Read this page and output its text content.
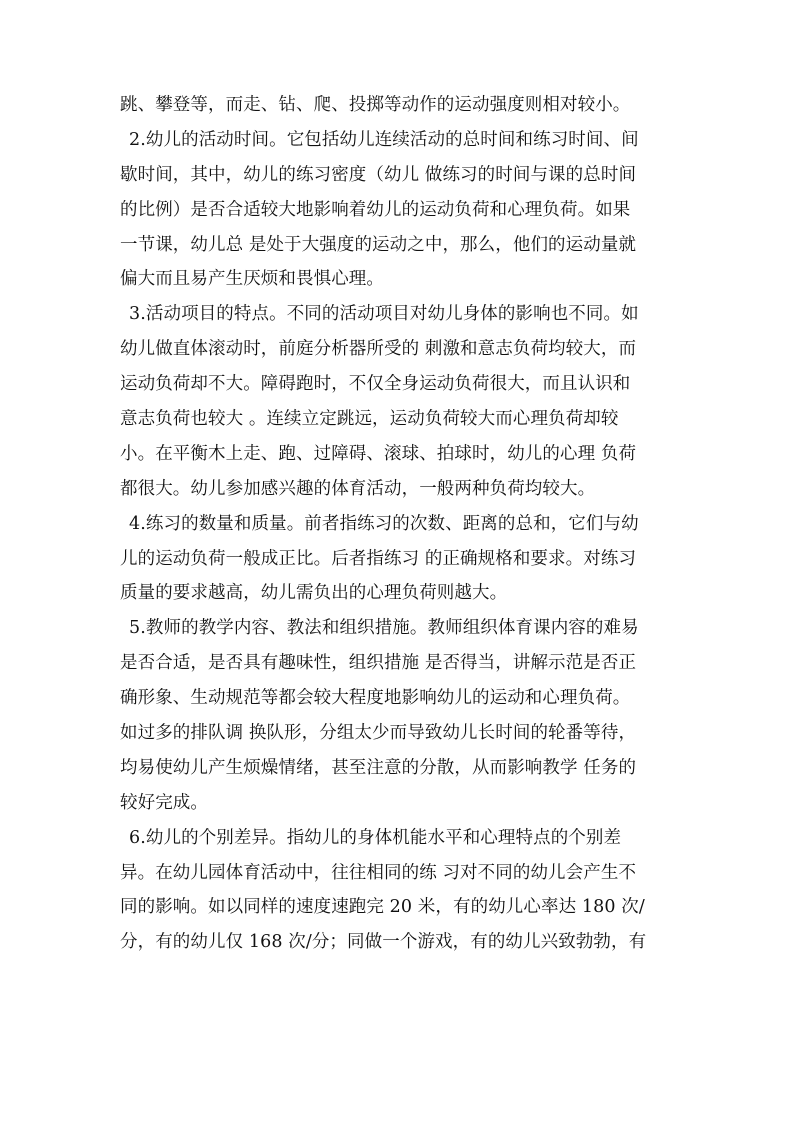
跳、攀登等，而走、钻、爬、投掷等动作的运动强度则相对较小。
2.幼儿的活动时间。它包括幼儿连续活动的总时间和练习时间、间
歇时间，其中，幼儿的练习密度（幼儿 做练习的时间与课的总时间
的比例）是否合适较大地影响着幼儿的运动负荷和心理负荷。如果
一节课，幼儿总 是处于大强度的运动之中，那么，他们的运动量就
偏大而且易产生厌烦和畏惧心理。
3.活动项目的特点。不同的活动项目对幼儿身体的影响也不同。如
幼儿做直体滚动时，前庭分析器所受的 刺激和意志负荷均较大，而
运动负荷却不大。障碍跑时，不仅全身运动负荷很大，而且认识和
意志负荷也较大 。连续立定跳远，运动负荷较大而心理负荷却较
小。在平衡木上走、跑、过障碍、滚球、拍球时，幼儿的心理 负荷
都很大。幼儿参加感兴趣的体育活动，一般两种负荷均较大。
4.练习的数量和质量。前者指练习的次数、距离的总和，它们与幼
儿的运动负荷一般成正比。后者指练习 的正确规格和要求。对练习
质量的要求越高，幼儿需负出的心理负荷则越大。
5.教师的教学内容、教法和组织措施。教师组织体育课内容的难易
是否合适，是否具有趣味性，组织措施 是否得当，讲解示范是否正
确形象、生动规范等都会较大程度地影响幼儿的运动和心理负荷。
如过多的排队调 换队形，分组太少而导致幼儿长时间的轮番等待，
均易使幼儿产生烦燥情绪，甚至注意的分散，从而影响教学 任务的
较好完成。
6.幼儿的个别差异。指幼儿的身体机能水平和心理特点的个别差
异。在幼儿园体育活动中，往往相同的练 习对不同的幼儿会产生不
同的影响。如以同样的速度速跑完 20 米，有的幼儿心率达 180 次/
分，有的幼儿仅 168 次/分；同做一个游戏，有的幼儿兴致勃勃，有
